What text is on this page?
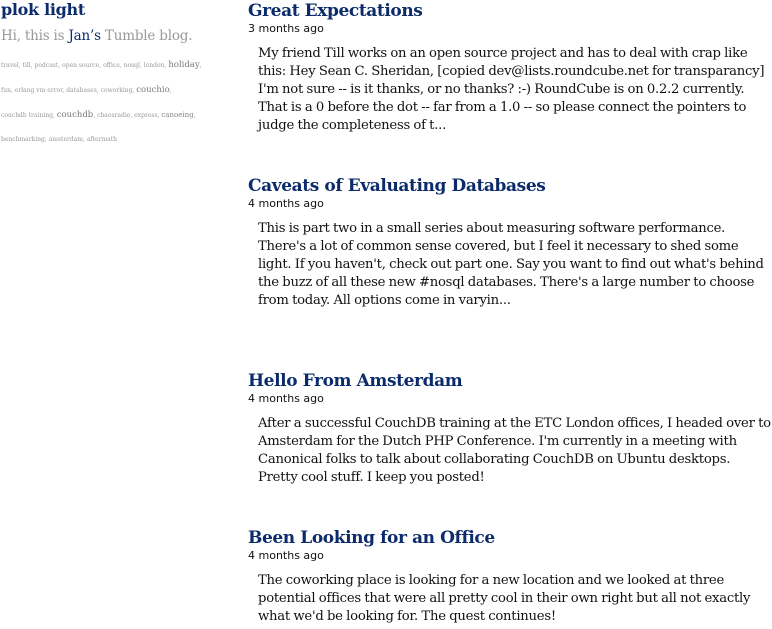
plok light
Hi, this is Jan’s Tumble blog.
travel, till, podcast, open source, office, nosql, london, holiday, fun, erlang vm error, databases, coworking, couchio, couchdb training, couchdb, chaosradio, express, canoeing, benchmarking, amsterdam, aftermath
Great Expectations

3 months ago

My friend Till works on an open source project and has to deal with crap like this: Hey Sean C. Sheridan, [copied dev@lists.roundcube.net for transparancy] I'm not sure -- is it thanks, or no thanks? :-) RoundCube is on 0.2.2 currently. That is a 0 before the dot -- far from a 1.0 -- so please connect the pointers to judge the completeness of t...

Caveats of Evaluating Databases

4 months ago

This is part two in a small series about measuring software performance. There's a lot of common sense covered, but I feel it necessary to shed some light. If you haven't, check out part one. Say you want to find out what's behind the buzz of all these new #nosql databases. There's a large number to choose from today. All options come in varyin...

Hello From Amsterdam

4 months ago

After a successful CouchDB training at the ETC London offices, I headed over to Amsterdam for the Dutch PHP Conference. I'm currently in a meeting with Canonical folks to talk about collaborating CouchDB on Ubuntu desktops. Pretty cool stuff. I keep you posted!

Been Looking for an Office

4 months ago

The coworking place is looking for a new location and we looked at three potential offices that were all pretty cool in their own right but all not exactly what we'd be looking for. The quest continues!
